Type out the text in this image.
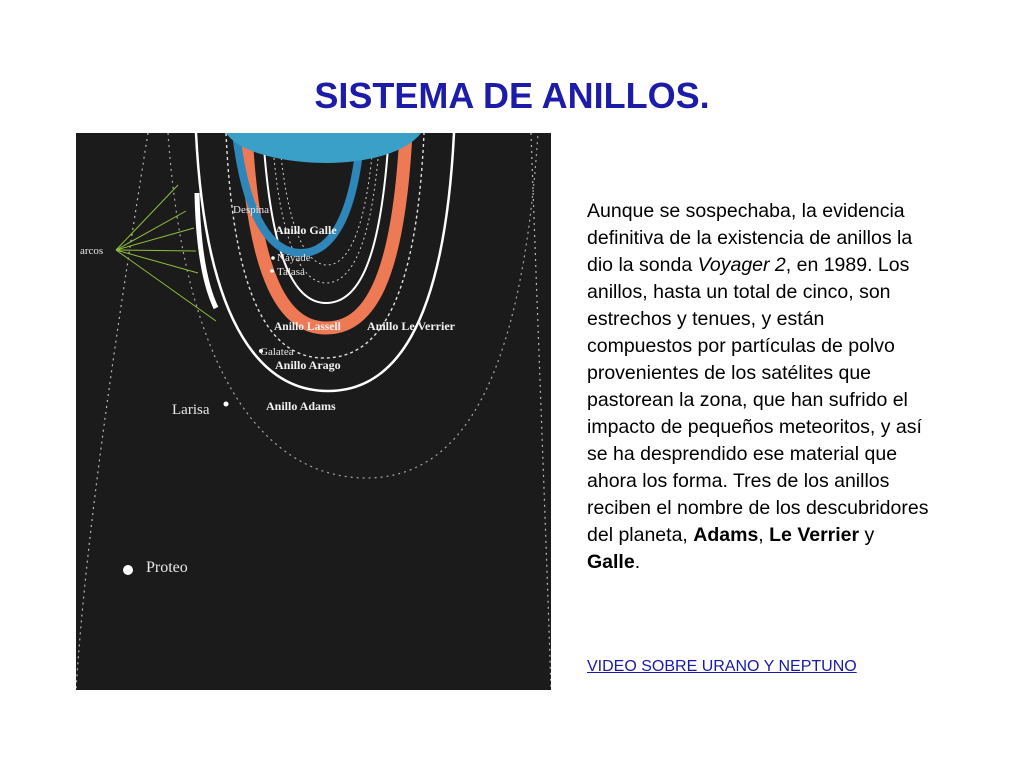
SISTEMA DE ANILLOS.
arcos
Despina
Anillo Galle
Náyade
Talasa
Anillo Lassell Anillo Le Verrier
Galatea
Anillo Arago
Larisa	Anillo Adams
Proteo

Aunque se sospechaba, la evidencia definitiva de la existencia de anillos la dio la sonda Voyager 2, en 1989. Los anillos, hasta un total de cinco, son estrechos y tenues, y están compuestos por partículas de polvo provenientes de los satélites que pastorean la zona, que han sufrido el impacto de pequeños meteoritos, y así se ha desprendido ese material que ahora los forma. Tres de los anillos reciben el nombre de los descubridores del planeta, Adams, Le Verrier y Galle.

VIDEO SOBRE URANO Y NEPTUNO
